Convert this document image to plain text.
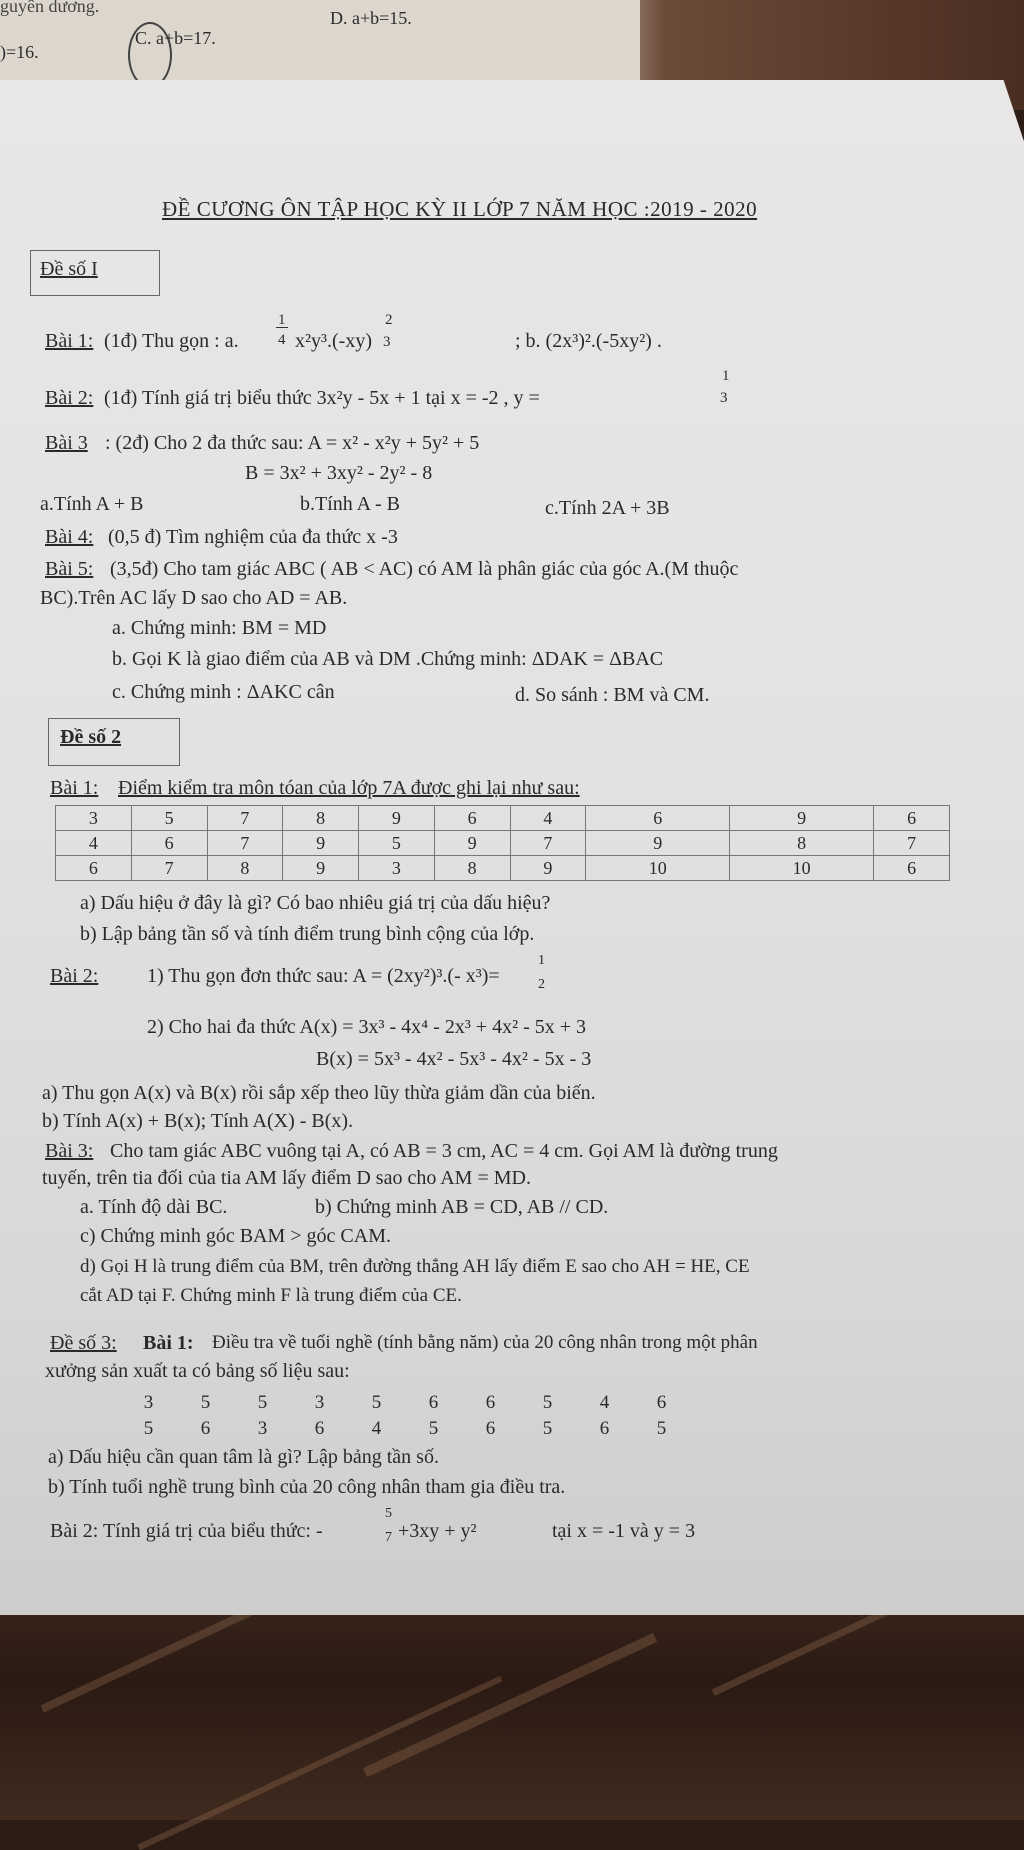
guyên dương.
)=16.
C. a+b=17.
D. a+b=15.
ĐỀ CƯƠNG ÔN TẬP HỌC KỲ II LỚP 7 NĂM HỌC :2019 - 2020
Đề số I
Bài 1: (1đ) Thu gọn : a.
1
4 x²y³.(-xy)
2
3	; b. (2x³)².(-5xy²) .
Bài 2: (1đ) Tính giá trị biểu thức 3x²y - 5x + 1 tại x = -2 , y =
1
3
Bài 3 : (2đ) Cho 2 đa thức sau: A = x² - x²y + 5y² + 5
B = 3x² + 3xy² - 2y² - 8
a.Tính A + B	b.Tính A - B	c.Tính 2A + 3B
Bài 4: (0,5 đ) Tìm nghiệm của đa thức x -3
Bài 5: (3,5đ) Cho tam giác ABC ( AB < AC) có AM là phân giác của góc A.(M thuộc
BC).Trên AC lấy D sao cho AD = AB.
a. Chứng minh: BM = MD
b. Gọi K là giao điểm của AB và DM .Chứng minh: ΔDAK = ΔBAC
c. Chứng minh : ΔAKC cân	d. So sánh : BM và CM.
Đề số 2
Bài 1: Điểm kiểm tra môn tóan của lớp 7A được ghi lại như sau:
3	5	7	8	9	6	4	6	9	6
4	6	7	9	5	9	7	9	8	7
6	7	8	9	3	8	9	10	10	6
a) Dấu hiệu ở đây là gì? Có bao nhiêu giá trị của dấu hiệu?
b) Lập bảng tần số và tính điểm trung bình cộng của lớp.
Bài 2: 1) Thu gọn đơn thức sau: A = (2xy²)³.(- x³)=
1
2
2) Cho hai đa thức A(x) = 3x³ - 4x⁴ - 2x³ + 4x² - 5x + 3
B(x) = 5x³ - 4x² - 5x³ - 4x² - 5x - 3
a) Thu gọn A(x) và B(x) rồi sắp xếp theo lũy thừa giảm dần của biến.
b) Tính A(x) + B(x); Tính A(X) - B(x).
Bài 3: Cho tam giác ABC vuông tại A, có AB = 3 cm, AC = 4 cm. Gọi AM là đường trung
tuyến, trên tia đối của tia AM lấy điểm D sao cho AM = MD.
a. Tính độ dài BC.	b) Chứng minh AB = CD, AB // CD.
c) Chứng minh góc BAM > góc CAM.
d) Gọi H là trung điểm của BM, trên đường thẳng AH lấy điểm E sao cho AH = HE, CE
cắt AD tại F. Chứng minh F là trung điểm của CE.
Đề số 3: Bài 1: Điều tra về tuổi nghề (tính bằng năm) của 20 công nhân trong một phân
xưởng sản xuất ta có bảng số liệu sau:
3	5	5	3	5	6	6	5	4	6
5	6	3	6	4	5	6	5	6	5
a) Dấu hiệu cần quan tâm là gì? Lập bảng tần số.
b) Tính tuổi nghề trung bình của 20 công nhân tham gia điều tra.
Bài 2: Tính giá trị của biểu thức: -
5
7 +3xy + y²	tại x = -1 và y = 3
